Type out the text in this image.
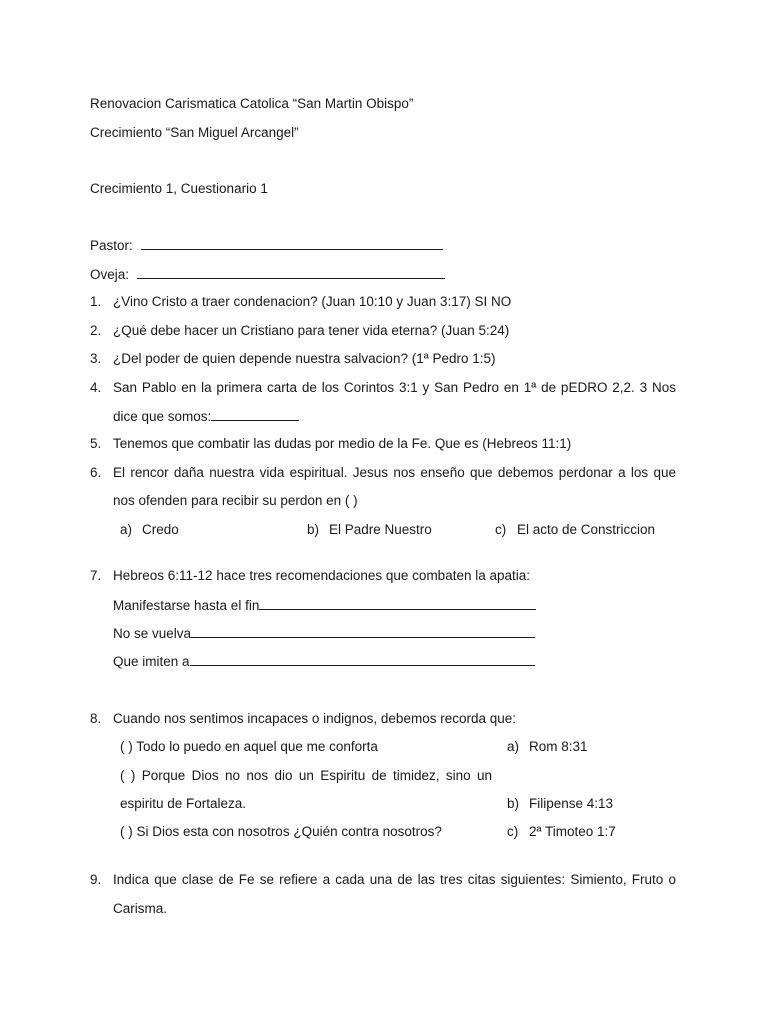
Renovacion Carismatica Catolica “San Martin Obispo”
Crecimiento “San Miguel Arcangel”
Crecimiento 1, Cuestionario 1
Pastor:
Oveja:
1. ¿Vino Cristo a traer condenacion? (Juan 10:10 y Juan 3:17) SI NO
2. ¿Qué debe hacer un Cristiano para tener vida eterna? (Juan 5:24)
3. ¿Del poder de quien depende nuestra salvacion? (1ª Pedro 1:5)
4. San Pablo en la primera carta de los Corintos 3:1 y San Pedro en 1ª de pEDRO 2,2. 3 Nos
dice que somos:
5. Tenemos que combatir las dudas por medio de la Fe. Que es (Hebreos 11:1)
6. El rencor daña nuestra vida espiritual. Jesus nos enseño que debemos perdonar a los que
nos ofenden para recibir su perdon en ( )
a) Credo	b) El Padre Nuestro	c) El acto de Constriccion
7. Hebreos 6:11-12 hace tres recomendaciones que combaten la apatia:
Manifestarse hasta el fin
No se vuelva
Que imiten a
8. Cuando nos sentimos incapaces o indignos, debemos recorda que:
( ) Todo lo puedo en aquel que me conforta	a) Rom 8:31
( ) Porque Dios no nos dio un Espiritu de timidez, sino un
espiritu de Fortaleza.	b) Filipense 4:13
( ) Si Dios esta con nosotros ¿Quién contra nosotros?	c) 2ª Timoteo 1:7
9. Indica que clase de Fe se refiere a cada una de las tres citas siguientes: Simiento, Fruto o
Carisma.
